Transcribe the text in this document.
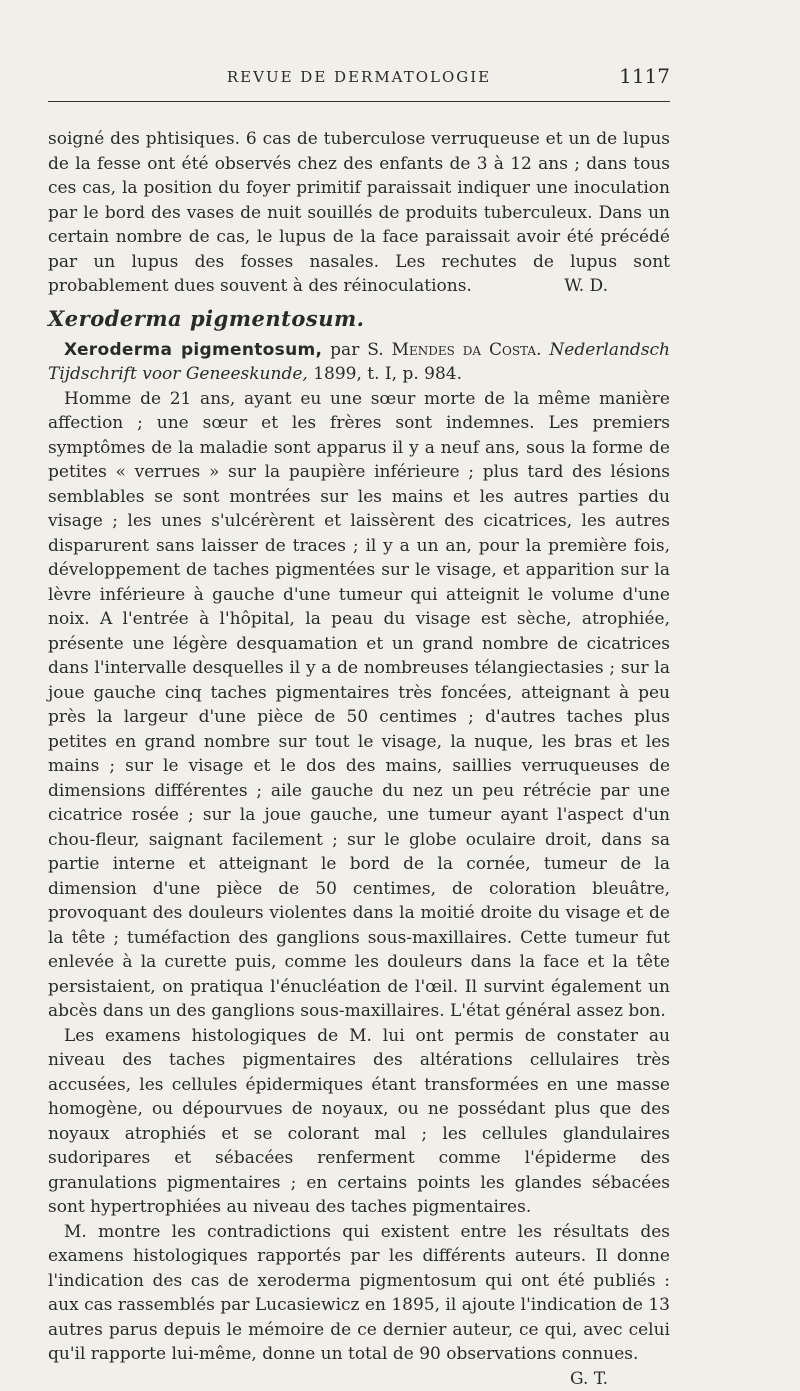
REVUE DE DERMATOLOGIE	1117

soigné des phtisiques. 6 cas de tuberculose verruqueuse et un de lupus de la fesse ont été observés chez des enfants de 3 à 12 ans ; dans tous ces cas, la position du foyer primitif paraissait indiquer une inoculation par le bord des vases de nuit souillés de produits tuberculeux. Dans un certain nombre de cas, le lupus de la face paraissait avoir été précédé par un lupus des fosses nasales. Les rechutes de lupus sont probablement dues souvent à des réinoculations.	W. D.

Xeroderma pigmentosum.

Xeroderma pigmentosum, par S. Mendes da Costa. Nederlandsch Tijdschrift voor Geneeskunde, 1899, t. I, p. 984.

Homme de 21 ans, ayant eu une sœur morte de la même manière affection ; une sœur et les frères sont indemnes. Les premiers symptômes de la maladie sont apparus il y a neuf ans, sous la forme de petites « verrues » sur la paupière inférieure ; plus tard des lésions semblables se sont montrées sur les mains et les autres parties du visage ; les unes s'ulcérèrent et laissèrent des cicatrices, les autres disparurent sans laisser de traces ; il y a un an, pour la première fois, développement de taches pigmentées sur le visage, et apparition sur la lèvre inférieure à gauche d'une tumeur qui atteignit le volume d'une noix. A l'entrée à l'hôpital, la peau du visage est sèche, atrophiée, présente une légère desquamation et un grand nombre de cicatrices dans l'intervalle desquelles il y a de nombreuses télangiectasies ; sur la joue gauche cinq taches pigmentaires très foncées, atteignant à peu près la largeur d'une pièce de 50 centimes ; d'autres taches plus petites en grand nombre sur tout le visage, la nuque, les bras et les mains ; sur le visage et le dos des mains, saillies verruqueuses de dimensions différentes ; aile gauche du nez un peu rétrécie par une cicatrice rosée ; sur la joue gauche, une tumeur ayant l'aspect d'un chou-fleur, saignant facilement ; sur le globe oculaire droit, dans sa partie interne et atteignant le bord de la cornée, tumeur de la dimension d'une pièce de 50 centimes, de coloration bleuâtre, provoquant des douleurs violentes dans la moitié droite du visage et de la tête ; tuméfaction des ganglions sous-maxillaires. Cette tumeur fut enlevée à la curette puis, comme les douleurs dans la face et la tête persistaient, on pratiqua l'énucléation de l'œil. Il survint également un abcès dans un des ganglions sous-maxillaires. L'état général assez bon.

Les examens histologiques de M. lui ont permis de constater au niveau des taches pigmentaires des altérations cellulaires très accusées, les cellules épidermiques étant transformées en une masse homogène, ou dépourvues de noyaux, ou ne possédant plus que des noyaux atrophiés et se colorant mal ; les cellules glandulaires sudoripares et sébacées renferment comme l'épiderme des granulations pigmentaires ; en certains points les glandes sébacées sont hypertrophiées au niveau des taches pigmentaires.

M. montre les contradictions qui existent entre les résultats des examens histologiques rapportés par les différents auteurs. Il donne l'indication des cas de xeroderma pigmentosum qui ont été publiés : aux cas rassemblés par Lucasiewicz en 1895, il ajoute l'indication de 13 autres parus depuis le mémoire de ce dernier auteur, ce qui, avec celui qu'il rapporte lui-même, donne un total de 90 observations connues.
G. T.
